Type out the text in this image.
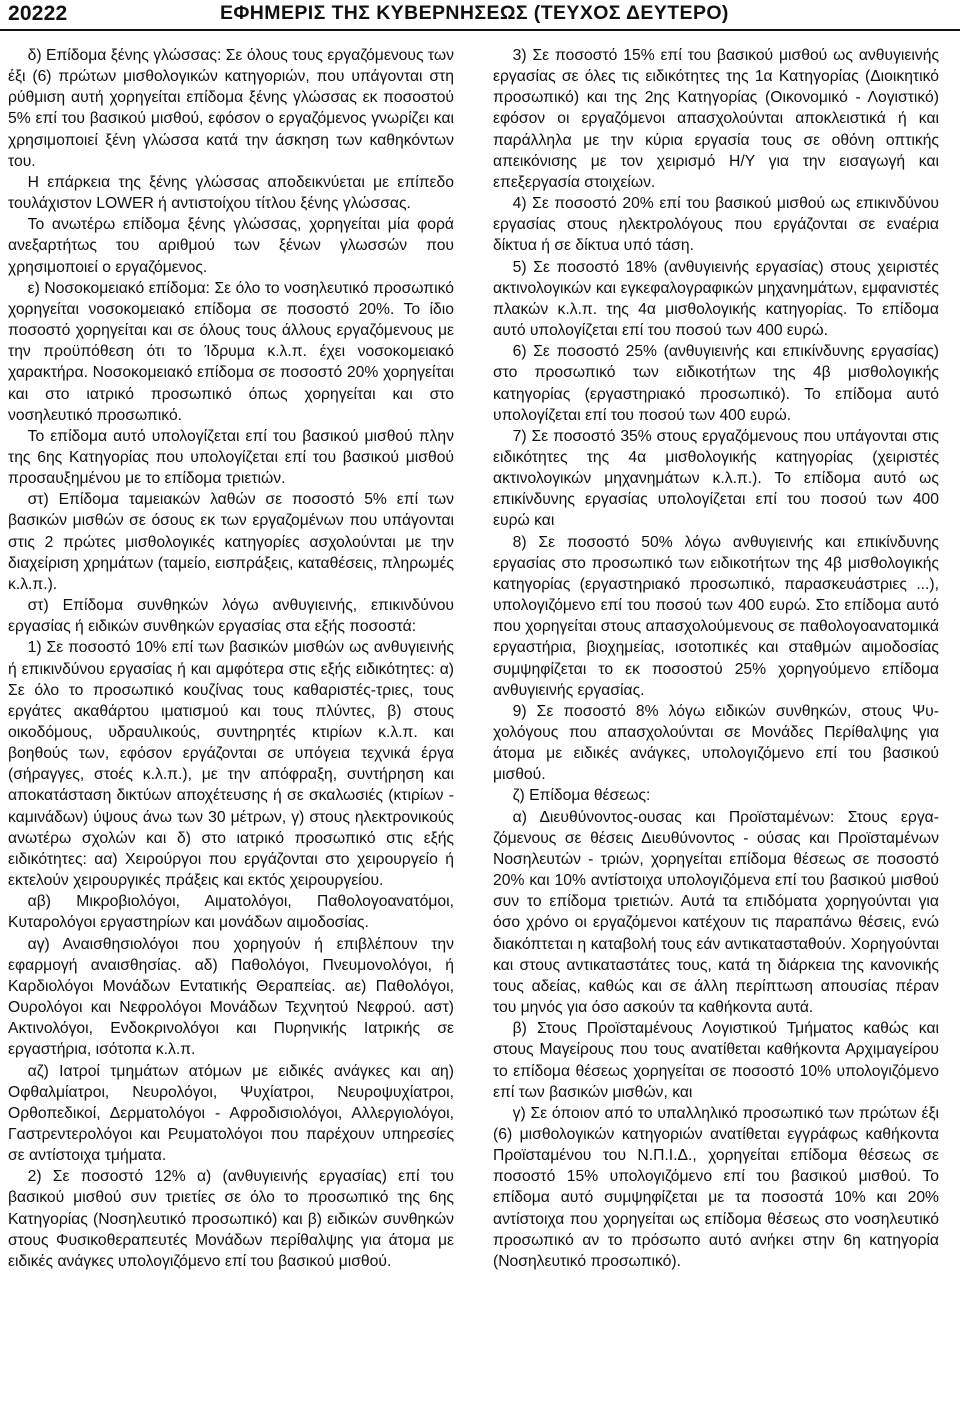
20222	ΕΦΗΜΕΡΙΣ ΤΗΣ ΚΥΒΕΡΝΗΣΕΩΣ (ΤΕΥΧΟΣ ΔΕΥΤΕΡΟ)

δ) Επίδομα ξένης γλώσσας: Σε όλους τους εργαζόμενους των έξι (6) πρώτων μισθολογικών κατηγοριών, που υπάγονται στη ρύθμιση αυτή χορηγείται επίδομα ξένης γλώσσας εκ ποσοστού 5% επί του βασικού μισθού, εφόσον ο εργαζόμενος γνωρίζει και χρησιμοποιεί ξένη γλώσσα κατά την άσκηση των καθηκόντων του.

Η επάρκεια της ξένης γλώσσας αποδεικνύεται με επίπεδο τουλάχιστον LOWER ή αντιστοίχου τίτλου ξένης γλώσσας.

Το ανωτέρω επίδομα ξένης γλώσσας, χορηγείται μία φορά ανεξαρτήτως του αριθμού των ξένων γλωσσών που χρησιμοποιεί ο εργαζόμενος.

ε) Νοσοκομειακό επίδομα: Σε όλο το νοσηλευτικό προσωπικό χορηγείται νοσοκομειακό επίδομα σε ποσοστό 20%. Το ίδιο ποσοστό χορηγείται και σε όλους τους άλλους εργαζόμενους με την προϋπόθεση ότι το Ίδρυμα κ.λ.π. έχει νοσοκομειακό χαρακτήρα. Νοσοκομειακό επίδομα σε ποσοστό 20% χορηγείται και στο ιατρικό προσωπικό όπως χορηγείται και στο νοσηλευτικό προσωπικό.

Το επίδομα αυτό υπολογίζεται επί του βασικού μισθού πλην της 6ης Κατηγορίας που υπολογίζεται επί του βασικού μισθού προσαυξημένου με το επίδομα τριετιών.

στ) Επίδομα ταμειακών λαθών σε ποσοστό 5% επί των βασικών μισθών σε όσους εκ των εργαζομένων που υπάγονται στις 2 πρώτες μισθολογικές κατηγορίες ασχολούνται με την διαχείριση χρημάτων (ταμείο, εισπράξεις, καταθέσεις, πληρωμές κ.λ.π.).

στ) Επίδομα συνθηκών λόγω ανθυγιεινής, επικινδύνου εργασίας ή ειδικών συνθηκών εργασίας στα εξής ποσοστά:

1) Σε ποσοστό 10% επί των βασικών μισθών ως ανθυγιεινής ή επικινδύνου εργασίας ή και αμφότερα στις εξής ειδικότητες: α) Σε όλο το προσωπικό κουζίνας τους καθαριστές-τριες, τους εργάτες ακαθάρτου ιματισμού και τους πλύντες, β) στους οικοδόμους, υδραυλικούς, συντηρητές κτιρίων κ.λ.π. και βοηθούς των, εφόσον εργάζονται σε υπόγεια τεχνικά έργα (σήραγγες, στοές κ.λ.π.), με την απόφραξη, συντήρηση και αποκατάσταση δικτύων αποχέτευσης ή σε σκαλωσιές (κτιρίων - καμινάδων) ύψους άνω των 30 μέτρων, γ) στους ηλεκτρονικούς ανωτέρω σχολών και δ) στο ιατρικό προσωπικό στις εξής ειδικότητες: αα) Χειρούργοι που εργάζονται στο χειρουργείο ή εκτελούν χειρουργικές πράξεις και εκτός χειρουργείου.

αβ) Μικροβιολόγοι, Αιματολόγοι, Παθολογοανατόμοι, Κυταρολόγοι εργαστηρίων και μονάδων αιμοδοσίας.

αγ) Αναισθησιολόγοι που χορηγούν ή επιβλέπουν την εφαρμογή αναισθησίας. αδ) Παθολόγοι, Πνευμονολόγοι, ή Καρδιολόγοι Μονάδων Εντατικής Θεραπείας. αε) Παθολόγοι, Ουρολόγοι και Νεφρολόγοι Μονάδων Τεχνητού Νεφρού. αστ) Ακτινολόγοι, Ενδοκρινολόγοι και Πυρηνικής Ιατρικής σε εργαστήρια, ισότοπα κ.λ.π.

αζ) Ιατροί τμημάτων ατόμων με ειδικές ανάγκες και αη) Οφθαλμίατροι, Νευρολόγοι, Ψυχίατροι, Νευροψυχίατροι, Ορθοπεδικοί, Δερματολόγοι - Αφροδισιολόγοι, Αλλεργιολόγοι, Γαστρεντερολόγοι και Ρευματολόγοι που παρέχουν υπηρεσίες σε αντίστοιχα τμήματα.

2) Σε ποσοστό 12% α) (ανθυγιεινής εργασίας) επί του βασικού μισθού συν τριετίες σε όλο το προσωπικό της 6ης Κατηγορίας (Νοσηλευτικό προσωπικό) και β) ειδικών συνθηκών στους Φυσικοθεραπευτές Μονάδων περίθαλψης για άτομα με ειδικές ανάγκες υπολογιζόμενο επί του βασικού μισθού.

3) Σε ποσοστό 15% επί του βασικού μισθού ως ανθυγιεινής εργασίας σε όλες τις ειδικότητες της 1α Κατηγορίας (Διοικητικό προσωπικό) και της 2ης Κατηγορίας (Οικονομικό - Λογιστικό) εφόσον οι εργαζόμενοι απασχολούνται αποκλειστικά ή και παράλληλα με την κύρια εργασία τους σε οθόνη οπτικής απεικόνισης με τον χειρισμό Η/Υ για την εισαγωγή και επεξεργασία στοιχείων.

4) Σε ποσοστό 20% επί του βασικού μισθού ως επικινδύνου εργασίας στους ηλεκτρολόγους που εργάζονται σε εναέρια δίκτυα ή σε δίκτυα υπό τάση.

5) Σε ποσοστό 18% (ανθυγιεινής εργασίας) στους χειριστές ακτινολογικών και εγκεφαλογραφικών μηχανημάτων, εμφανιστές πλακών κ.λ.π. της 4α μισθολογικής κατηγορίας. Το επίδομα αυτό υπολογίζεται επί του ποσού των 400 ευρώ.

6) Σε ποσοστό 25% (ανθυγιεινής και επικίνδυνης εργασίας) στο προσωπικό των ειδικοτήτων της 4β μισθολογικής κατηγορίας (εργαστηριακό προσωπικό). Το επίδομα αυτό υπολογίζεται επί του ποσού των 400 ευρώ.

7) Σε ποσοστό 35% στους εργαζόμενους που υπάγονται στις ειδικότητες της 4α μισθολογικής κατηγορίας (χειριστές ακτινολογικών μηχανημάτων κ.λ.π.). Το επίδομα αυτό ως επικίνδυνης εργασίας υπολογίζεται επί του ποσού των 400 ευρώ και

8) Σε ποσοστό 50% λόγω ανθυγιεινής και επικίνδυνης εργασίας στο προσωπικό των ειδικοτήτων της 4β μισθολογικής κατηγορίας (εργαστηριακό προσωπικό, παρασκευάστριες ...), υπολογιζόμενο επί του ποσού των 400 ευρώ. Στο επίδομα αυτό που χορηγείται στους απασχολούμενους σε παθολογοανατομικά εργαστήρια, βιοχημείας, ισοτοπικές και σταθμών αιμοδοσίας συμψηφίζεται το εκ ποσοστού 25% χορηγούμενο επίδομα ανθυγιεινής εργασίας.

9) Σε ποσοστό 8% λόγω ειδικών συνθηκών, στους Ψυχολόγους που απασχολούνται σε Μονάδες Περίθαλψης για άτομα με ειδικές ανάγκες, υπολογιζόμενο επί του βασικού μισθού.

ζ) Επίδομα θέσεως:

α) Διευθύνοντος-ουσας και Προϊσταμένων: Στους εργαζόμενους σε θέσεις Διευθύνοντος - ούσας και Προϊσταμένων Νοσηλευτών - τριών, χορηγείται επίδομα θέσεως σε ποσοστό 20% και 10% αντίστοιχα υπολογιζόμενα επί του βασικού μισθού συν το επίδομα τριετιών. Αυτά τα επιδόματα χορηγούνται για όσο χρόνο οι εργαζόμενοι κατέχουν τις παραπάνω θέσεις, ενώ διακόπτεται η καταβολή τους εάν αντικατασταθούν. Χορηγούνται και στους αντικαταστάτες τους, κατά τη διάρκεια της κανονικής τους αδείας, καθώς και σε άλλη περίπτωση απουσίας πέραν του μηνός για όσο ασκούν τα καθήκοντα αυτά.

β) Στους Προϊσταμένους Λογιστικού Τμήματος καθώς και στους Μαγείρους που τους ανατίθεται καθήκοντα Αρχιμαγείρου το επίδομα θέσεως χορηγείται σε ποσοστό 10% υπολογιζόμενο επί των βασικών μισθών, και

γ) Σε όποιον από το υπαλληλικό προσωπικό των πρώτων έξι (6) μισθολογικών κατηγοριών ανατίθεται εγγράφως καθήκοντα Προϊσταμένου του Ν.Π.Ι.Δ., χορηγείται επίδομα θέσεως σε ποσοστό 15% υπολογιζόμενο επί του βασικού μισθού. Το επίδομα αυτό συμψηφίζεται με τα ποσοστά 10% και 20% αντίστοιχα που χορηγείται ως επίδομα θέσεως στο νοσηλευτικό προσωπικό αν το πρόσωπο αυτό ανήκει στην 6η κατηγορία (Νοσηλευτικό προσωπικό).
